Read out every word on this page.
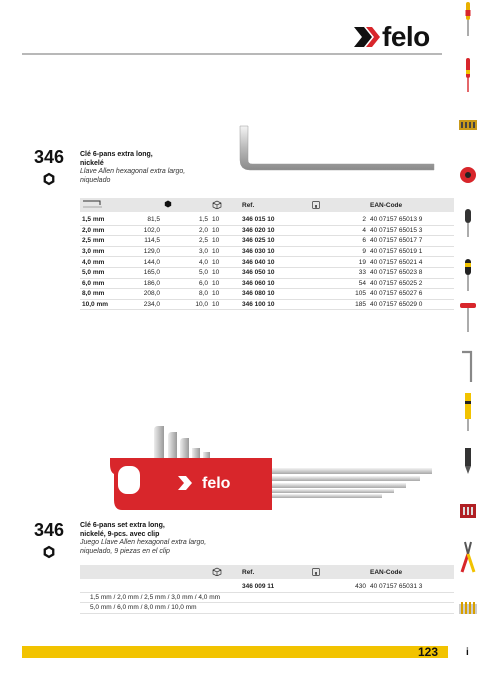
felo
346 Clé 6-pans extra long,
nickelé
Llave Allen hexagonal extra largo,
niquelado
				Ref.	g	EAN-Code

1,5 mm	81,5	1,5	10	346 015 10	2	40 07157 65013 9
2,0 mm	102,0	2,0	10	346 020 10	4	40 07157 65015 3
2,5 mm	114,5	2,5	10	346 025 10	6	40 07157 65017 7
3,0 mm	129,0	3,0	10	346 030 10	9	40 07157 65019 1
4,0 mm	144,0	4,0	10	346 040 10	19	40 07157 65021 4
5,0 mm	165,0	5,0	10	346 050 10	33	40 07157 65023 8
6,0 mm	186,0	6,0	10	346 060 10	54	40 07157 65025 2
8,0 mm	208,0	8,0	10	346 080 10	105	40 07157 65027 6
10,0 mm	234,0	10,0	10	346 100 10	185	40 07157 65029 0
felo
346 Clé 6-pans set extra long,
nickelé, 9-pcs. avec clip
Juego Llave Allen hexagonal extra largo,
niquelado, 9 piezas en el clip
				Ref.	g	EAN-Code

				346 009 11	430	40 07157 65031 3
1,5 mm / 2,0 mm / 2,5 mm / 3,0 mm / 4,0 mm						
5,0 mm / 6,0 mm / 8,0 mm / 10,0 mm						
123	i
